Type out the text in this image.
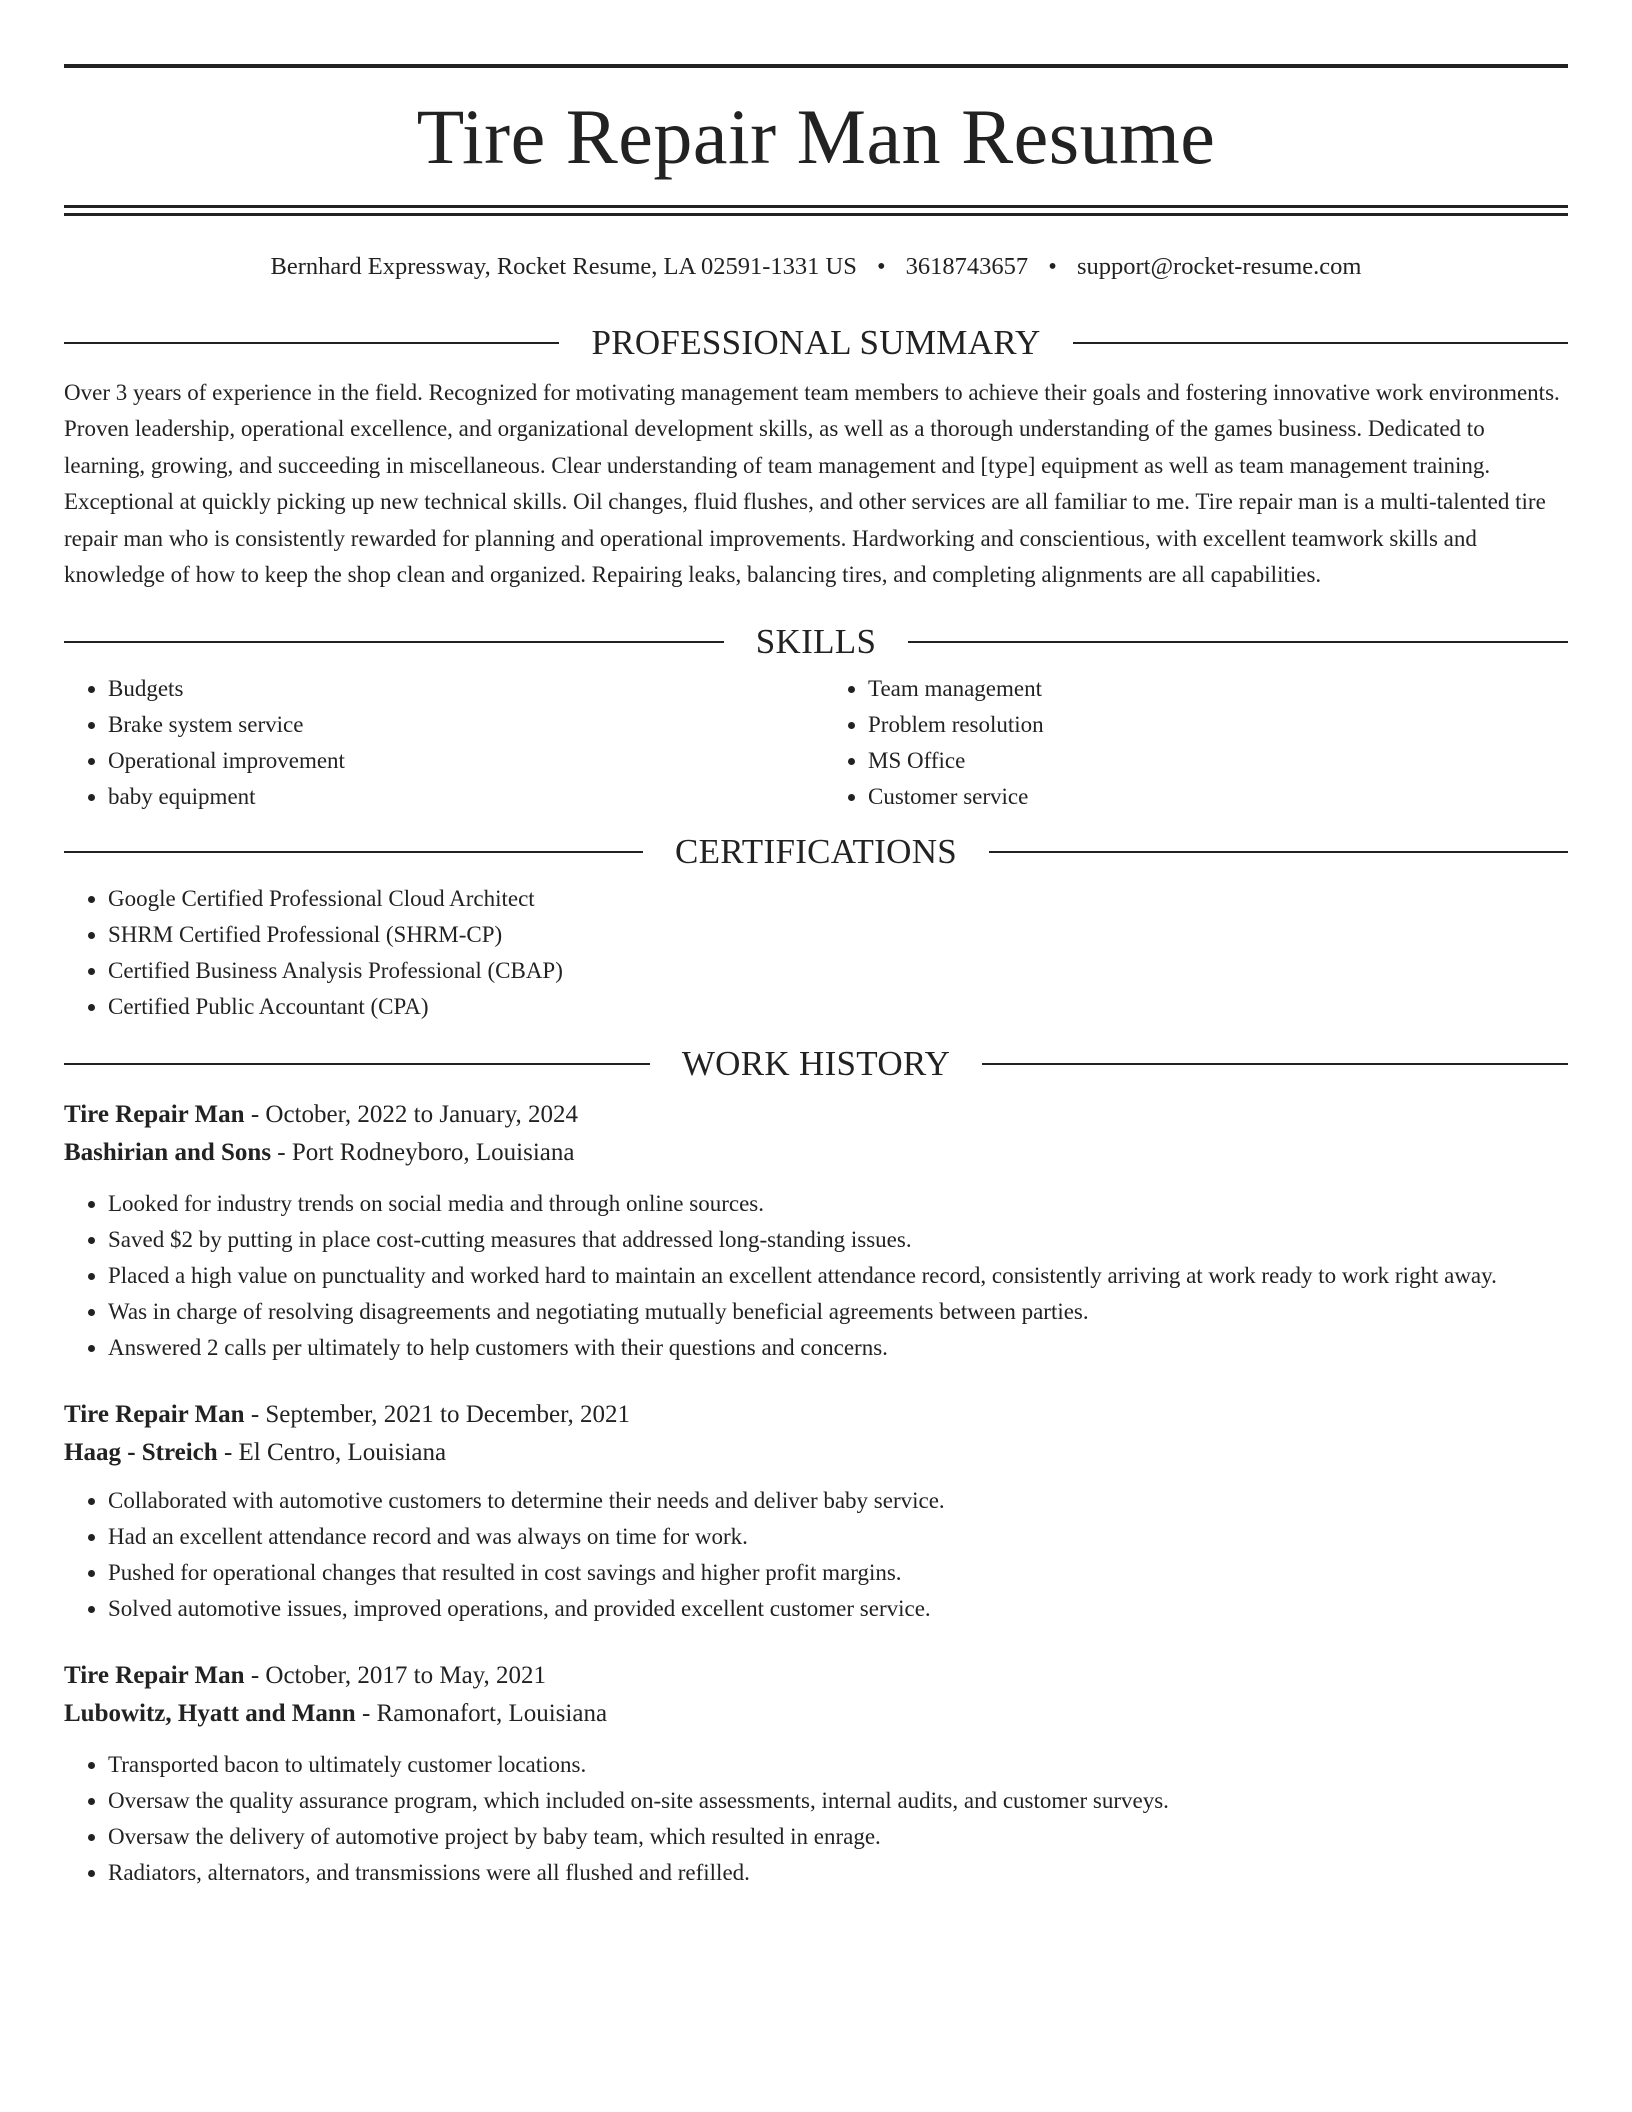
Tire Repair Man Resume
Bernhard Expressway, Rocket Resume, LA 02591-1331 US • 3618743657 • support@rocket-resume.com
PROFESSIONAL SUMMARY

Over 3 years of experience in the field. Recognized for motivating management team members to achieve their goals and fostering innovative work environments. Proven leadership, operational excellence, and organizational development skills, as well as a thorough understanding of the games business. Dedicated to learning, growing, and succeeding in miscellaneous. Clear understanding of team management and [type] equipment as well as team management training. Exceptional at quickly picking up new technical skills. Oil changes, fluid flushes, and other services are all familiar to me. Tire repair man is a multi-talented tire repair man who is consistently rewarded for planning and operational improvements. Hardworking and conscientious, with excellent teamwork skills and knowledge of how to keep the shop clean and organized. Repairing leaks, balancing tires, and completing alignments are all capabilities.

SKILLS
• Budgets
• Brake system service
• Operational improvement
• baby equipment
• Team management
• Problem resolution
• MS Office
• Customer service
CERTIFICATIONS
• Google Certified Professional Cloud Architect
• SHRM Certified Professional (SHRM-CP)
• Certified Business Analysis Professional (CBAP)
• Certified Public Accountant (CPA)
WORK HISTORY
Tire Repair Man - October, 2022 to January, 2024
Bashirian and Sons - Port Rodneyboro, Louisiana
• Looked for industry trends on social media and through online sources.
• Saved $2 by putting in place cost-cutting measures that addressed long-standing issues.
• Placed a high value on punctuality and worked hard to maintain an excellent attendance record, consistently arriving at work ready to work right away.
• Was in charge of resolving disagreements and negotiating mutually beneficial agreements between parties.
• Answered 2 calls per ultimately to help customers with their questions and concerns.
Tire Repair Man - September, 2021 to December, 2021
Haag - Streich - El Centro, Louisiana
• Collaborated with automotive customers to determine their needs and deliver baby service.
• Had an excellent attendance record and was always on time for work.
• Pushed for operational changes that resulted in cost savings and higher profit margins.
• Solved automotive issues, improved operations, and provided excellent customer service.
Tire Repair Man - October, 2017 to May, 2021
Lubowitz, Hyatt and Mann - Ramonafort, Louisiana
• Transported bacon to ultimately customer locations.
• Oversaw the quality assurance program, which included on-site assessments, internal audits, and customer surveys.
• Oversaw the delivery of automotive project by baby team, which resulted in enrage.
• Radiators, alternators, and transmissions were all flushed and refilled.
